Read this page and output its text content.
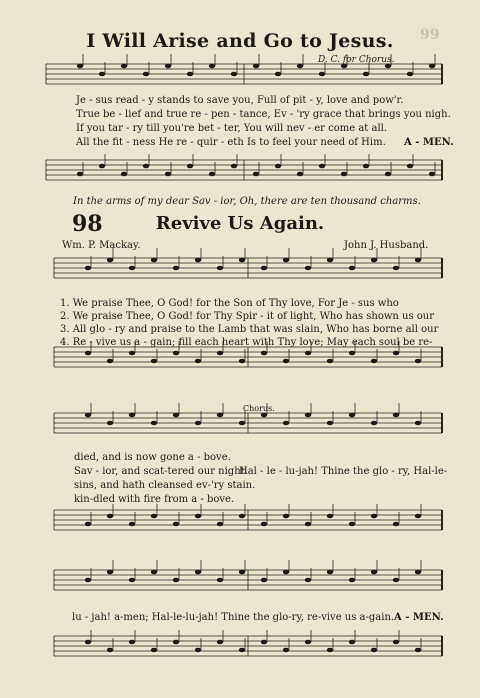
99
I Will Arise and Go to Jesus.
D. C. for Chorus.
Je - sus read - y stands to save you, Full of pit - y, love and pow'r.
True be - lief and true re - pen - tance, Ev - 'ry grace that brings you nigh.
If you tar - ry till you're bet - ter, You will nev - er come at all.
All the fit - ness He re - quir - eth Is to feel your need of Him. A - MEN.
In the arms of my dear Sav - ior, Oh, there are ten thousand charms.
98	Revive Us Again.
Wm. P. Mackay.	John J. Husband.
1. We praise Thee, O God! for the Son of Thy love, For Je - sus who
2. We praise Thee, O God! for Thy Spir - it of light, Who has shown us our
3. All glo - ry and praise to the Lamb that was slain, Who has borne all our
4. Re - vive us a - gain; fill each heart with Thy love; May each soul be re-
Chorus.
died, and is now gone a - bove.
Sav - ior, and scat-tered our night.
Hal - le - lu-jah! Thine the glo - ry, Hal-le-
sins, and hath cleansed ev-'ry stain.
kin-dled with fire from a - bove.
lu - jah! a-men; Hal-le-lu-jah! Thine the glo-ry, re-vive us a-gain. A - MEN.
